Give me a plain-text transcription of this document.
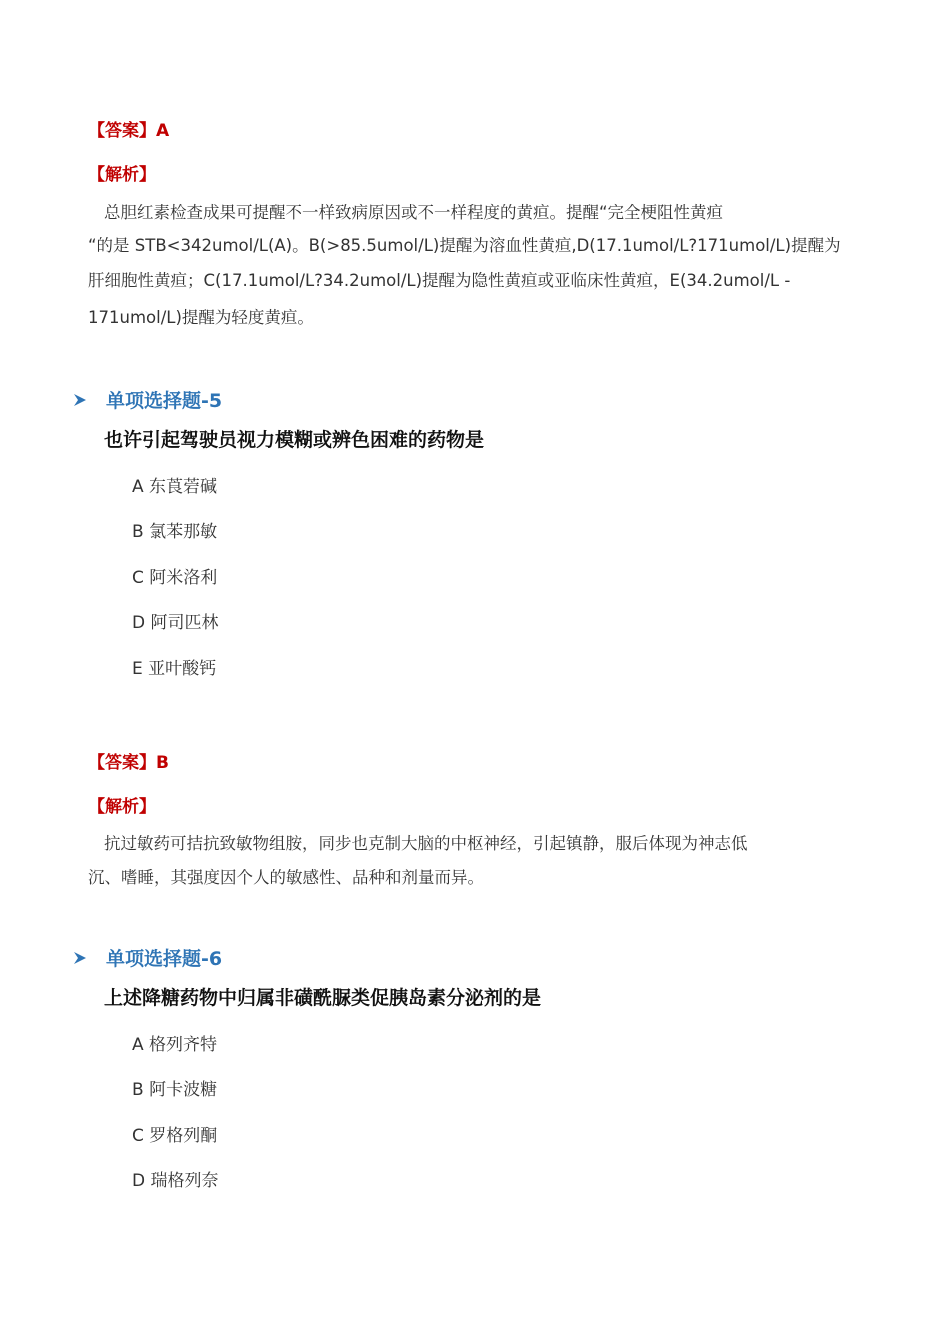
【答案】A
【解析】
总胆红素检查成果可提醒不一样致病原因或不一样程度的黄疸。提醒“完全梗阻性黄疸
“的是 STB<342umol/L(A)。B(>85.5umol/L)提醒为溶血性黄疸,D(17.1umol/L?171umol/L)提醒为
肝细胞性黄疸；C(17.1umol/L?34.2umol/L)提醒为隐性黄疸或亚临床性黄疸，E(34.2umol/L -
171umol/L)提醒为轻度黄疸。
单项选择题-5
也许引起驾驶员视力模糊或辨色困难的药物是
A 东莨菪碱
B 氯苯那敏
C 阿米洛利
D 阿司匹林
E 亚叶酸钙
【答案】B
【解析】
抗过敏药可拮抗致敏物组胺，同步也克制大脑的中枢神经，引起镇静，服后体现为神志低
沉、嗜睡，其强度因个人的敏感性、品种和剂量而异。
单项选择题-6
上述降糖药物中归属非磺酰脲类促胰岛素分泌剂的是
A 格列齐特
B 阿卡波糖
C 罗格列酮
D 瑞格列奈
